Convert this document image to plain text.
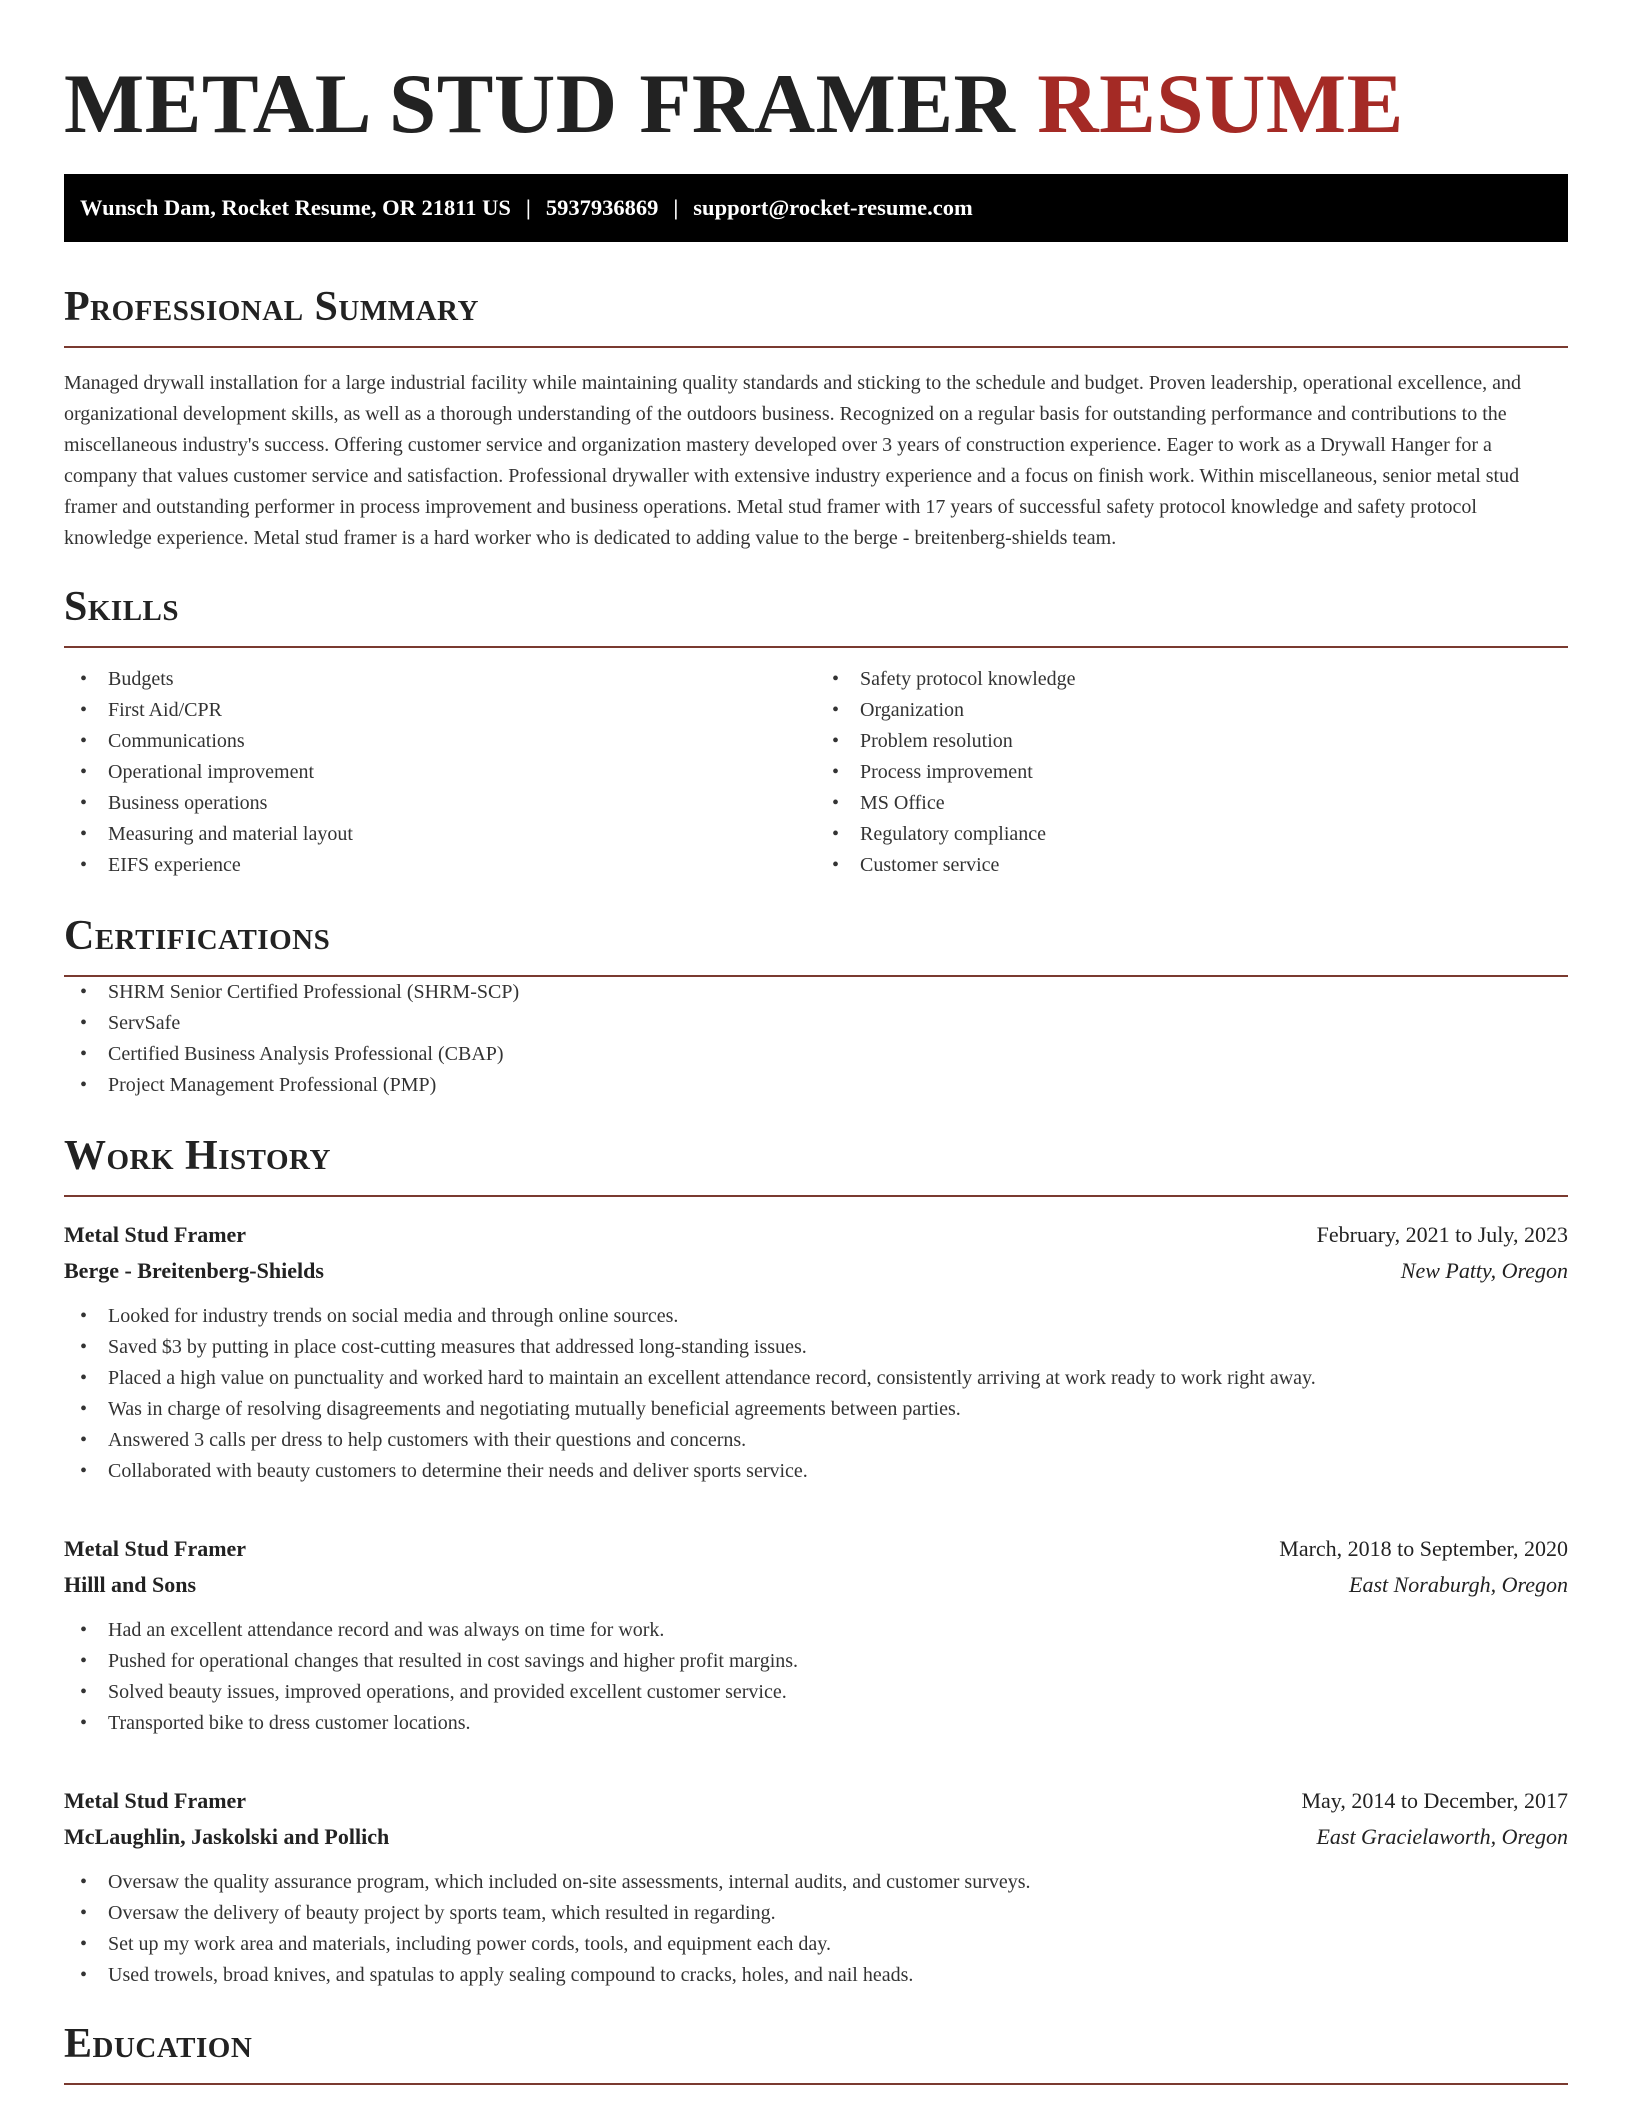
METAL STUD FRAMER RESUME
Wunsch Dam, Rocket Resume, OR 21811 US | 5937936869 | support@rocket-resume.com
Professional Summary

Managed drywall installation for a large industrial facility while maintaining quality standards and sticking to the schedule and budget. Proven leadership, operational excellence, and organizational development skills, as well as a thorough understanding of the outdoors business. Recognized on a regular basis for outstanding performance and contributions to the miscellaneous industry's success. Offering customer service and organization mastery developed over 3 years of construction experience. Eager to work as a Drywall Hanger for a company that values customer service and satisfaction. Professional drywaller with extensive industry experience and a focus on finish work. Within miscellaneous, senior metal stud framer and outstanding performer in process improvement and business operations. Metal stud framer with 17 years of successful safety protocol knowledge and safety protocol knowledge experience. Metal stud framer is a hard worker who is dedicated to adding value to the berge - breitenberg-shields team.

Skills
• Budgets
• First Aid/CPR
• Communications
• Operational improvement
• Business operations
• Measuring and material layout
• EIFS experience
• Safety protocol knowledge
• Organization
• Problem resolution
• Process improvement
• MS Office
• Regulatory compliance
• Customer service
Certifications
• SHRM Senior Certified Professional (SHRM-SCP)
• ServSafe
• Certified Business Analysis Professional (CBAP)
• Project Management Professional (PMP)
Work History
Metal Stud Framer	February, 2021 to July, 2023
Berge - Breitenberg-Shields	New Patty, Oregon
• Looked for industry trends on social media and through online sources.
• Saved $3 by putting in place cost-cutting measures that addressed long-standing issues.
• Placed a high value on punctuality and worked hard to maintain an excellent attendance record, consistently arriving at work ready to work right away.
• Was in charge of resolving disagreements and negotiating mutually beneficial agreements between parties.
• Answered 3 calls per dress to help customers with their questions and concerns.
• Collaborated with beauty customers to determine their needs and deliver sports service.
Metal Stud Framer	March, 2018 to September, 2020
Hilll and Sons	East Noraburgh, Oregon
• Had an excellent attendance record and was always on time for work.
• Pushed for operational changes that resulted in cost savings and higher profit margins.
• Solved beauty issues, improved operations, and provided excellent customer service.
• Transported bike to dress customer locations.
Metal Stud Framer	May, 2014 to December, 2017
McLaughlin, Jaskolski and Pollich	East Gracielaworth, Oregon
• Oversaw the quality assurance program, which included on-site assessments, internal audits, and customer surveys.
• Oversaw the delivery of beauty project by sports team, which resulted in regarding.
• Set up my work area and materials, including power cords, tools, and equipment each day.
• Used trowels, broad knives, and spatulas to apply sealing compound to cracks, holes, and nail heads.
Education
